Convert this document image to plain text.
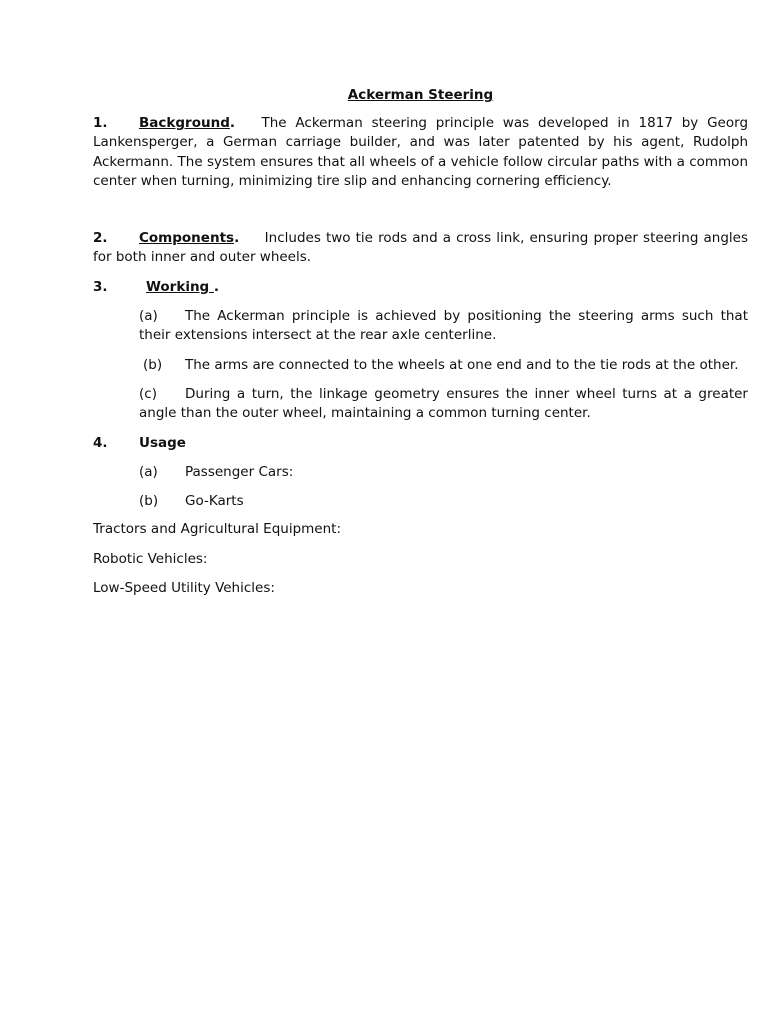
Ackerman Steering

1. Background. The Ackerman steering principle was developed in 1817 by Georg Lankensperger, a German carriage builder, and was later patented by his agent, Rudolph Ackermann. The system ensures that all wheels of a vehicle follow circular paths with a common center when turning, minimizing tire slip and enhancing cornering efficiency.

2. Components. Includes two tie rods and a cross link, ensuring proper steering angles for both inner and outer wheels.

3.	Working .

(a) The Ackerman principle is achieved by positioning the steering arms such that their extensions intersect at the rear axle centerline.

(b) The arms are connected to the wheels at one end and to the tie rods at the other.

(c) During a turn, the linkage geometry ensures the inner wheel turns at a greater angle than the outer wheel, maintaining a common turning center.

4. Usage

(a) Passenger Cars:

(b) Go-Karts

Tractors and Agricultural Equipment:

Robotic Vehicles:

Low-Speed Utility Vehicles:
